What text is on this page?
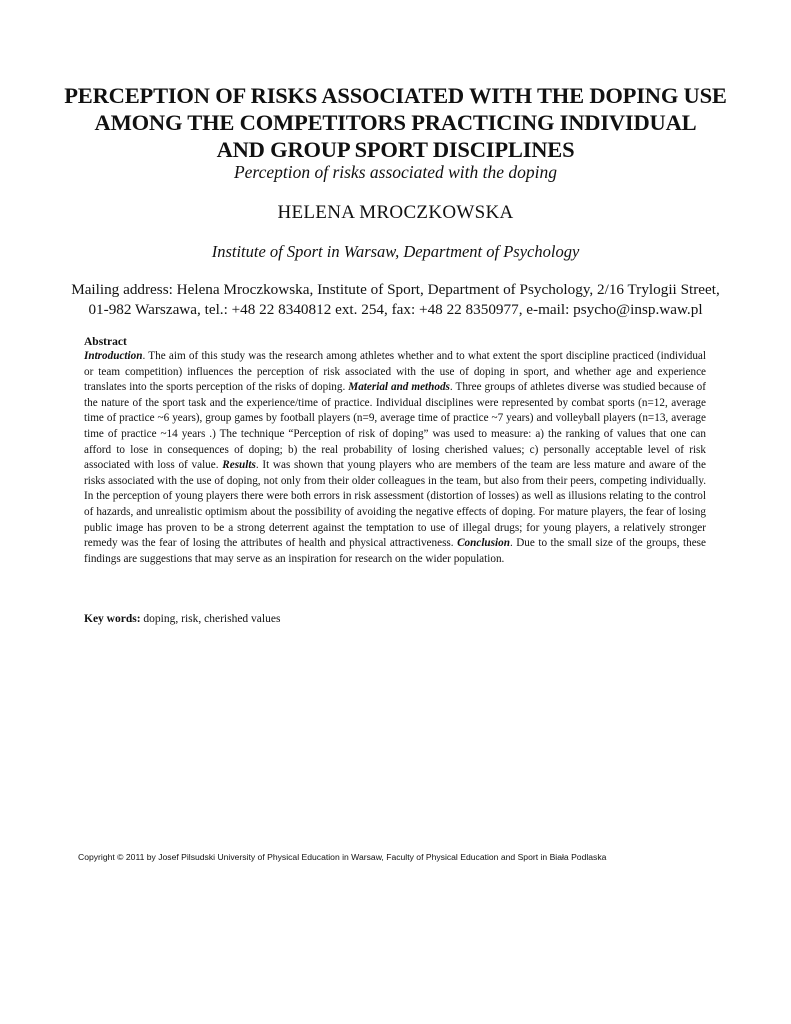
PERCEPTION OF RISKS ASSOCIATED WITH THE DOPING USE
AMONG THE COMPETITORS PRACTICING INDIVIDUAL
AND GROUP SPORT DISCIPLINES

Perception of risks associated with the doping

HELENA MROCZKOWSKA

Institute of Sport in Warsaw, Department of Psychology

Mailing address: Helena Mroczkowska, Institute of Sport, Department of Psychology, 2/16 Trylogii Street,
01-982 Warszawa, tel.: +48 22 8340812 ext. 254, fax: +48 22 8350977, e-mail: psycho@insp.waw.pl

Abstract

Introduction. The aim of this study was the research among athletes whether and to what extent the sport discipline practiced (individual or team competition) influences the perception of risk associated with the use of doping in sport, and whether age and experience translates into the sports perception of the risks of doping. Material and methods. Three groups of athletes diverse was studied because of the nature of the sport task and the experience/time of practice. Individual disciplines were represented by combat sports (n=12, average time of practice ~6 years), group games by football players (n=9, average time of practice ~7 years) and volleyball players (n=13, average time of practice ~14 years .) The technique “Perception of risk of doping” was used to measure: a) the ranking of values that one can afford to lose in consequences of doping; b) the real probability of losing cherished values; c) personally acceptable level of risk associated with loss of value. Results. It was shown that young players who are members of the team are less mature and aware of the risks associated with the use of doping, not only from their older colleagues in the team, but also from their peers, competing individually. In the perception of young players there were both errors in risk assessment (distortion of losses) as well as illusions relating to the control of hazards, and unrealistic optimism about the possibility of avoiding the negative effects of doping. For mature players, the fear of losing public image has proven to be a strong deterrent against the temptation to use of illegal drugs; for young players, a relatively stronger remedy was the fear of losing the attributes of health and physical attractiveness. Conclusion. Due to the small size of the groups, these findings are suggestions that may serve as an inspiration for research on the wider population.

Key words: doping, risk, cherished values

Copyright © 2011 by Josef Pilsudski University of Physical Education in Warsaw, Faculty of Physical Education and Sport in Biała Podlaska
